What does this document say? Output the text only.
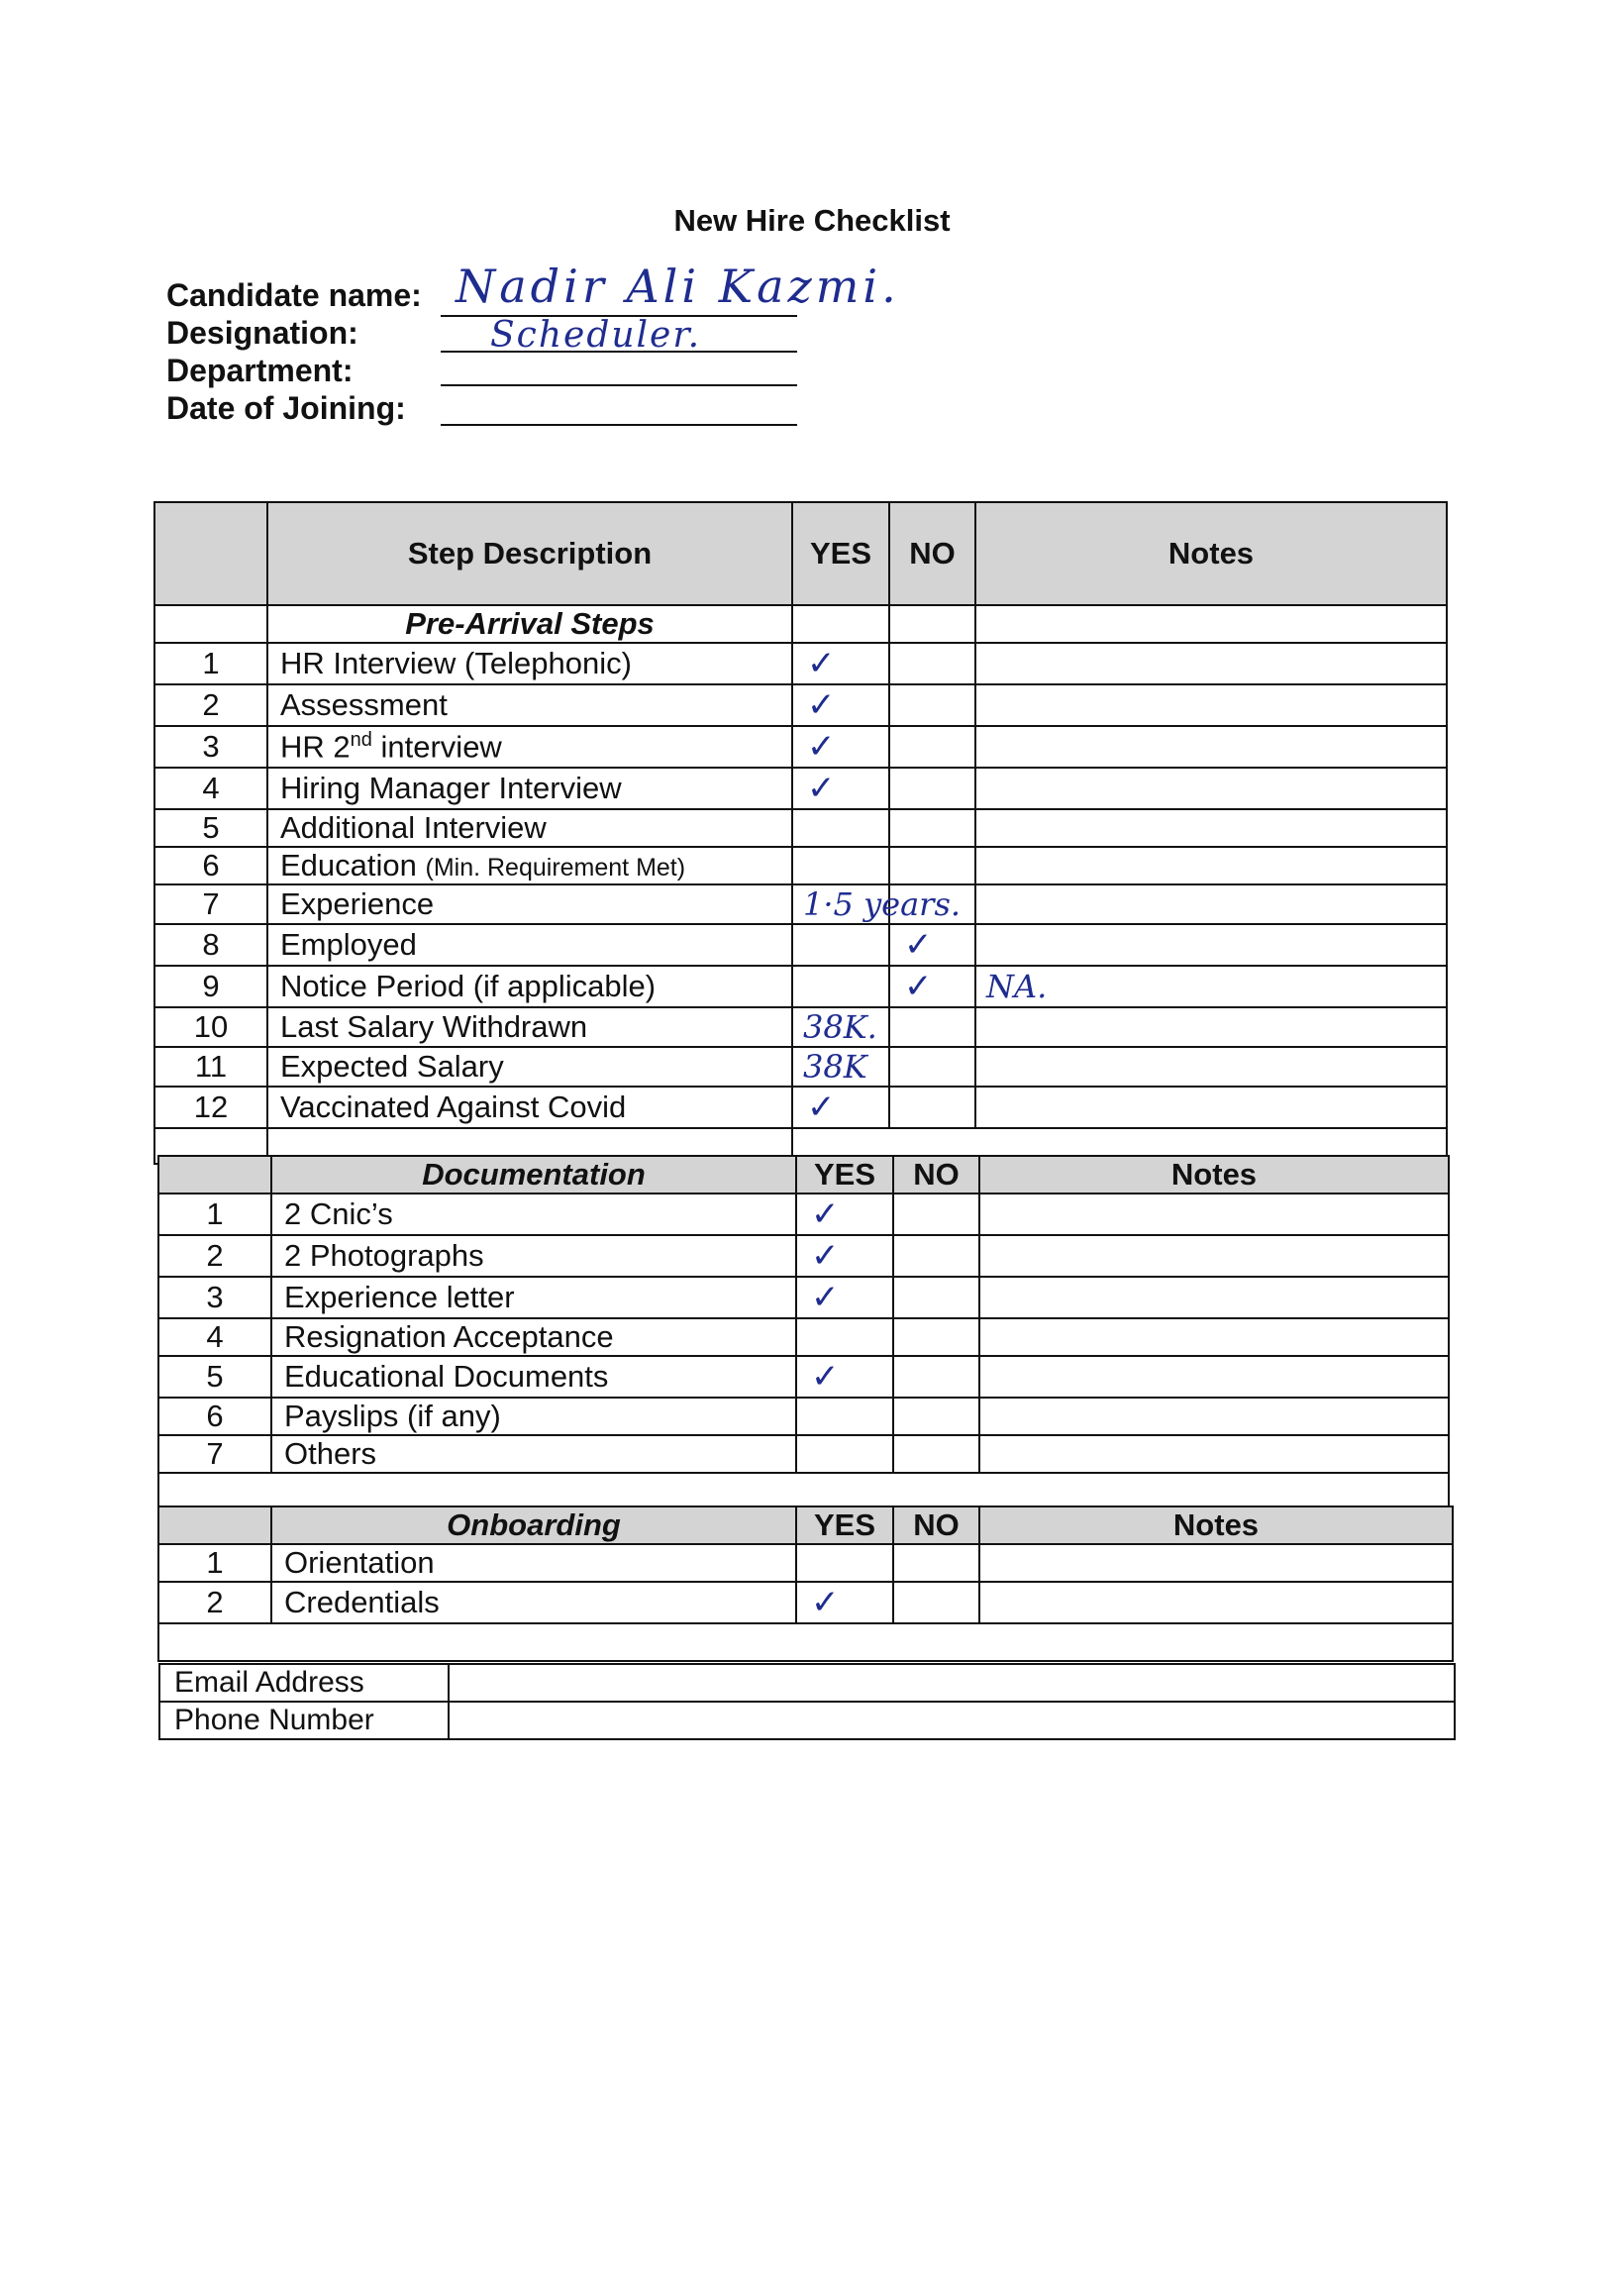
New Hire Checklist
Candidate name: Nadir Ali Kazmi.
Designation:	Scheduler.
Department:
Date of Joining:
	Step Description	YES	NO	Notes
	Pre-Arrival Steps			
1	HR Interview (Telephonic)	✓		
2	Assessment	✓		
3	HR 2nd interview	✓		
4	Hiring Manager Interview	✓		
5	Additional Interview			
6	Education (Min. Requirement Met)			
7	Experience	1·5 years.		
8	Employed		✓	
9	Notice Period (if applicable)		✓	NA.
10	Last Salary Withdrawn	38K.		
11	Expected Salary	38K		
12	Vaccinated Against Covid	✓		

	Documentation	YES	NO	Notes
1	2 Cnic’s	✓		
2	2 Photographs	✓		
3	Experience letter	✓		
4	Resignation Acceptance			
5	Educational Documents	✓		
6	Payslips (if any)			
7	Others			

	Onboarding	YES	NO	Notes
1	Orientation			
2	Credentials	✓		

Email Address	
Phone Number	
